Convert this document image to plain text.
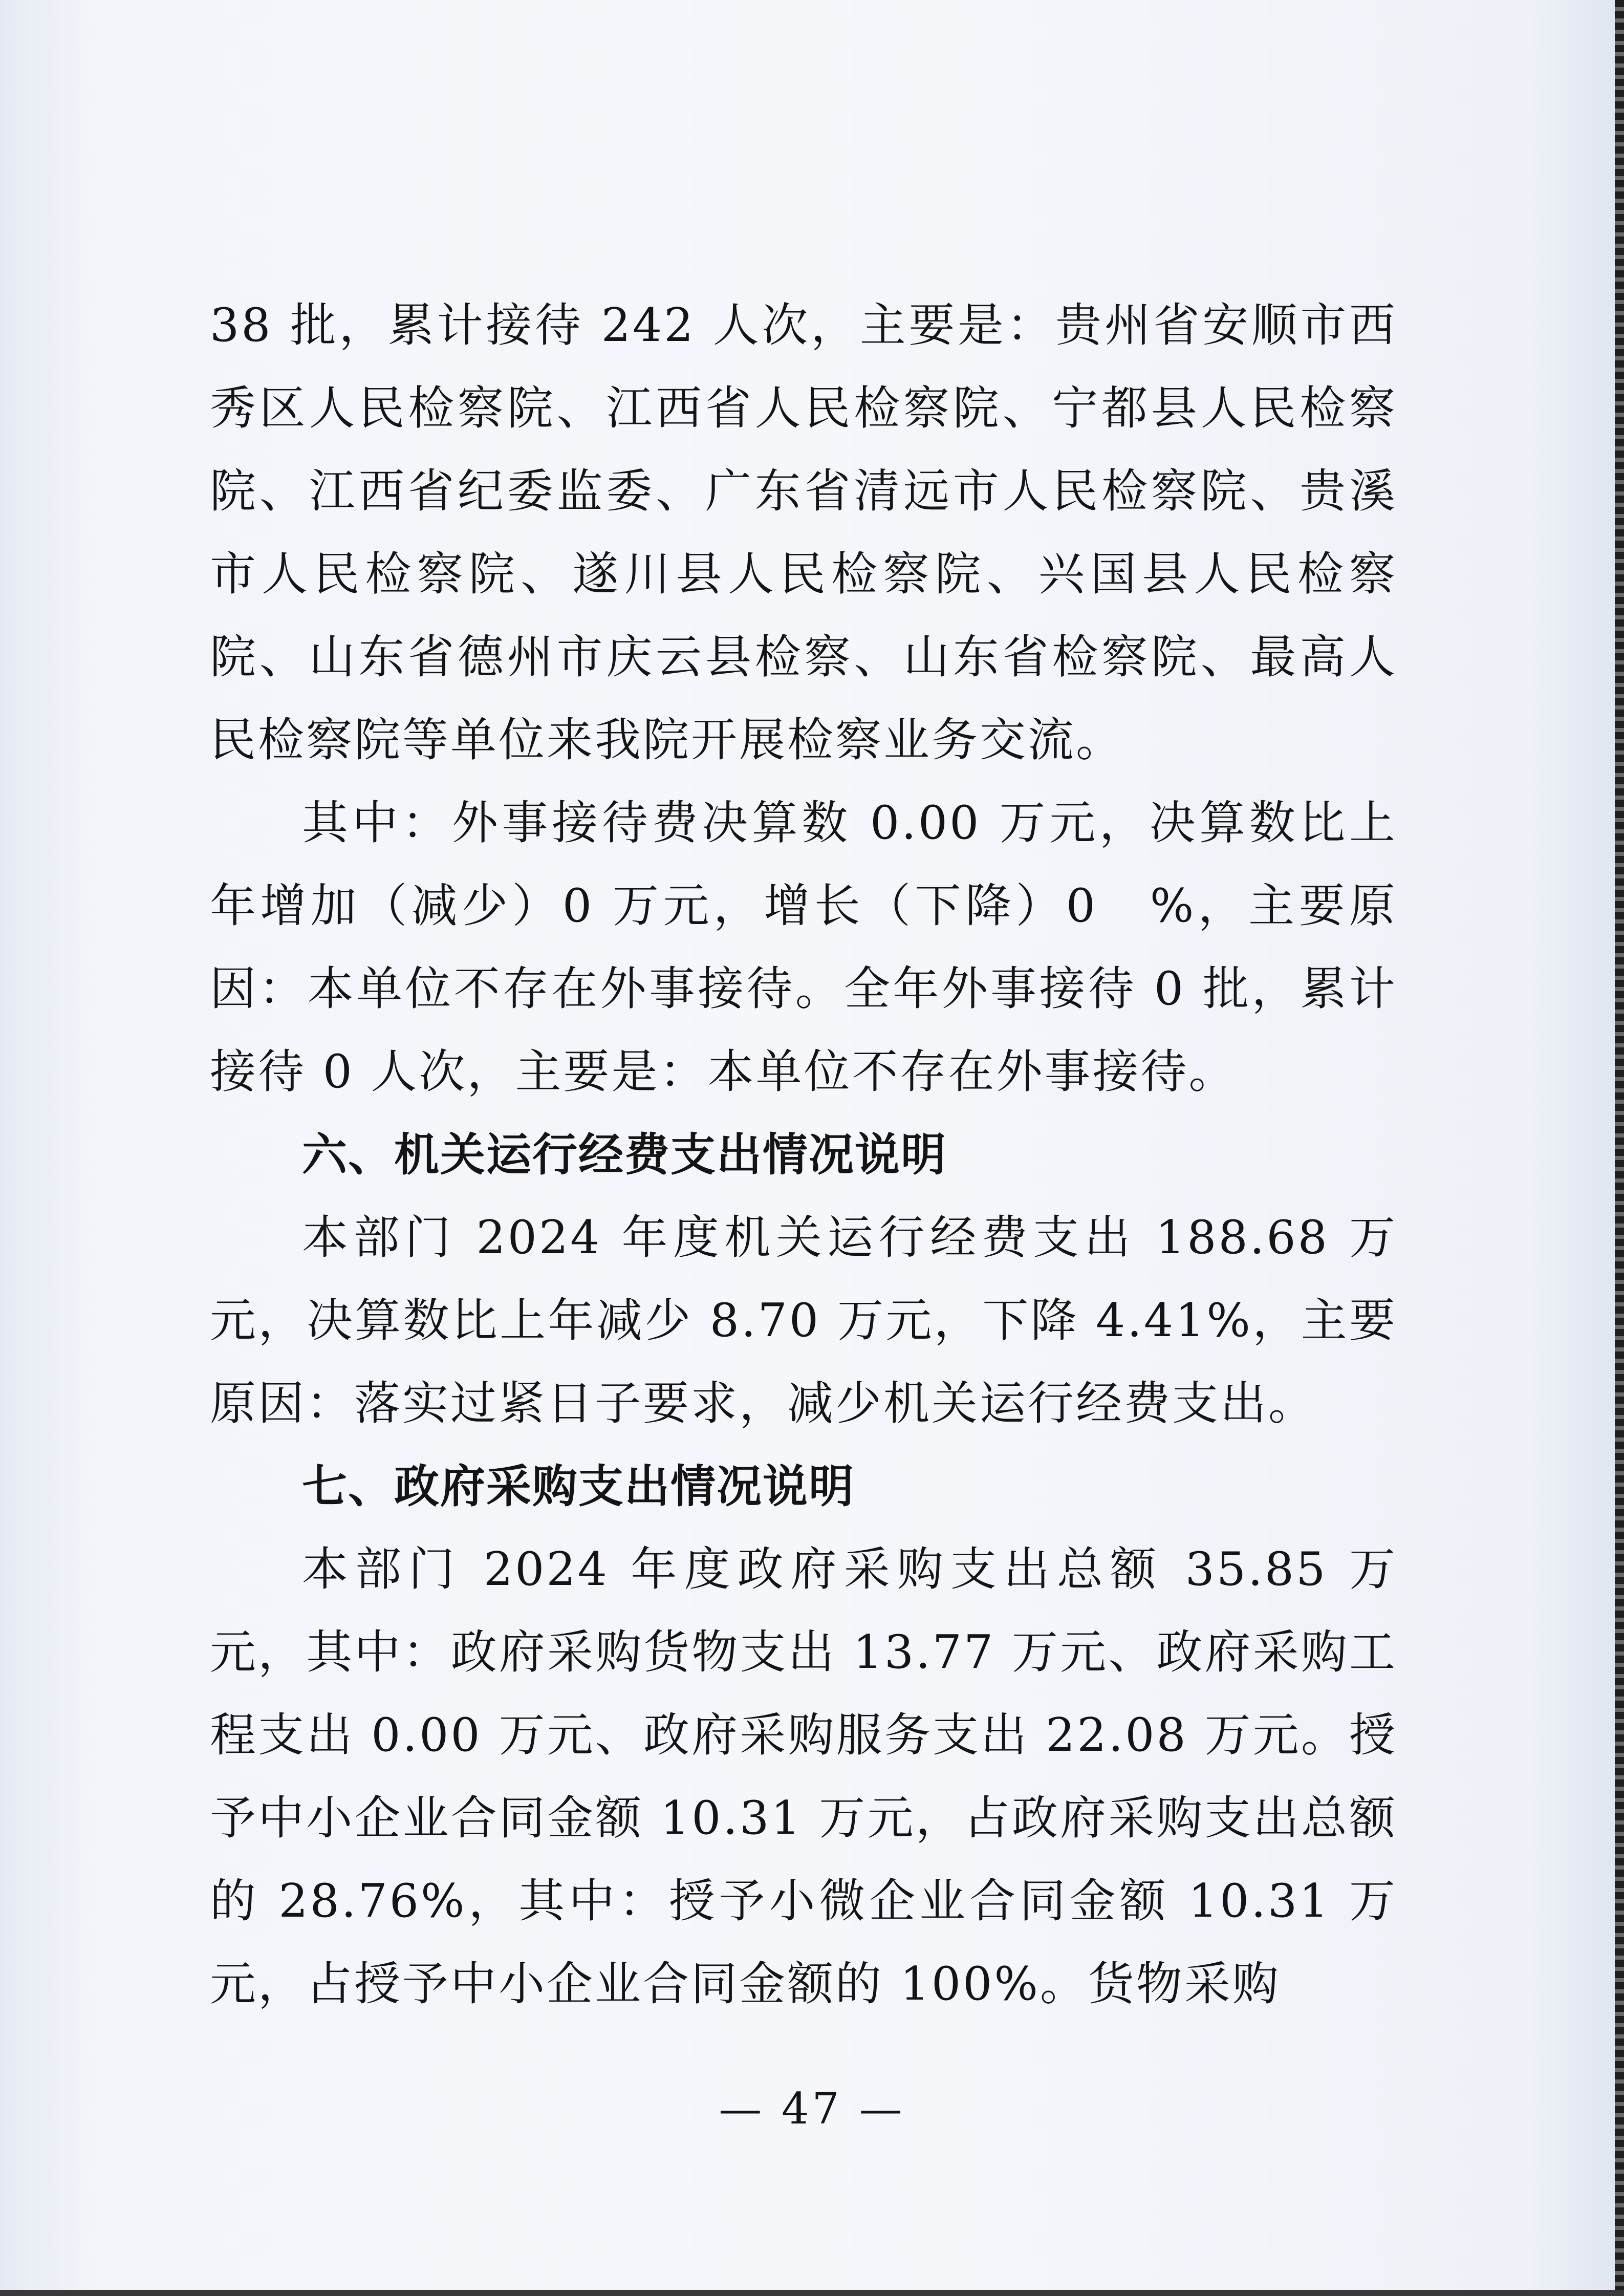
38 批，累计接待 242 人次，主要是：贵州省安顺市西秀区人民检察院、江西省人民检察院、宁都县人民检察院、江西省纪委监委、广东省清远市人民检察院、贵溪市人民检察院、遂川县人民检察院、兴国县人民检察院、山东省德州市庆云县检察、山东省检察院、最高人民检察院等单位来我院开展检察业务交流。

其中：外事接待费决算数 0.00 万元，决算数比上年增加（减少）0 万元，增长（下降）0　%，主要原因：本单位不存在外事接待。全年外事接待 0 批，累计接待 0 人次，主要是：本单位不存在外事接待。

六、机关运行经费支出情况说明

本部门 2024 年度机关运行经费支出 188.68 万元，决算数比上年减少 8.70 万元，下降 4.41%，主要原因：落实过紧日子要求，减少机关运行经费支出。

七、政府采购支出情况说明

本部门 2024 年度政府采购支出总额 35.85 万元，其中：政府采购货物支出 13.77 万元、政府采购工程支出 0.00 万元、政府采购服务支出 22.08 万元。授予中小企业合同金额 10.31 万元，占政府采购支出总额的 28.76%，其中：授予小微企业合同金额 10.31 万元，占授予中小企业合同金额的 100%。货物采购

— 47 —
